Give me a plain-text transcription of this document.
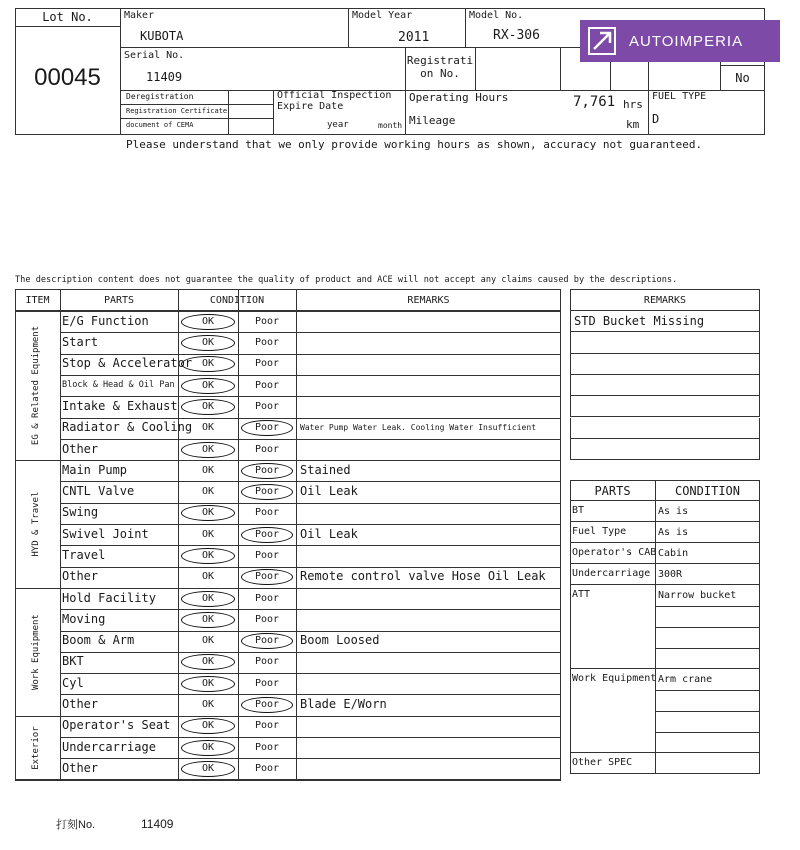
Lot No.
00045
Maker
KUBOTA
Model Year
2011
Model No.
RX-306
Serial No.
11409
Registrati
on No.	No
Deregistration
Registration Certificate
document of CEMA
Official Inspection
Expire Date
year	month
Operating Hours	7,761 hrs
Mileage	km
FUEL TYPE
D
Please understand that we only provide working hours as shown, accuracy not guaranteed.
AUTOIMPERIA
The description content does not guarantee the quality of product and ACE will not accept any claims caused by the descriptions.
ITEM	PARTS	CONDITION	REMARKS
E/G Function	OK	Poor
Start	OK	Poor
Stop & Accelerator OK	Poor
Block & Head & Oil Pan	OK	Poor
Intake & Exhaust	OK	Poor
Radiator & Cooling OK	Poor	Water Pump Water Leak. Cooling Water Insufficient
Other	OK	Poor
EG & Related Equipment
Main Pump	OK	Poor	Stained
CNTL Valve	OK	Poor	Oil Leak
Swing	OK	Poor
Swivel Joint	OK	Poor	Oil Leak
Travel	OK	Poor
Other	OK	Poor	Remote control valve Hose Oil Leak
HYD & Travel
Hold Facility	OK	Poor
Moving	OK	Poor
Boom & Arm	OK	Poor	Boom Loosed
BKT	OK	Poor
Cyl	OK	Poor
Other	OK	Poor	Blade E/Worn
Work Equipment
Operator's Seat	OK	Poor
Undercarriage	OK	Poor
Other	OK	Poor
Exterior
REMARKS
STD Bucket Missing
PARTS	CONDITION
BT	As is
Fuel Type	As is
Operator's CAB Cabin
Undercarriage 300R
ATT	Narrow bucket
Work Equipment Arm crane
Other SPEC
打刻No.	11409
